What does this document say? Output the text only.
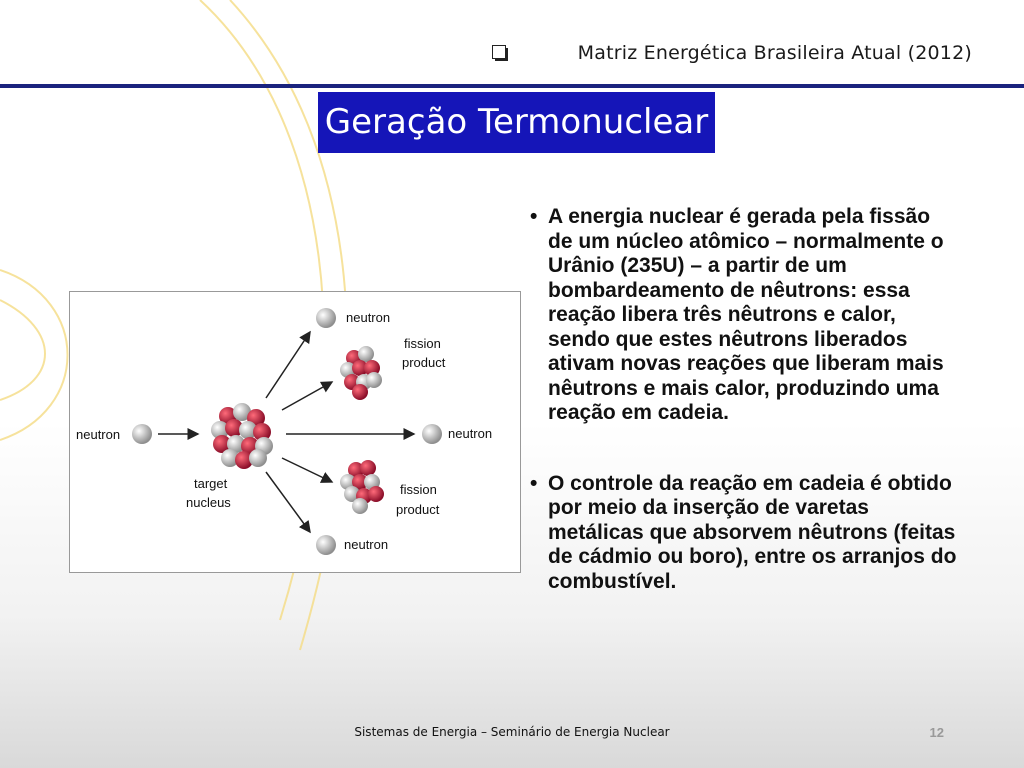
Matriz Energética Brasileira Atual (2012)
Geração Termonuclear
neutron
neutron
neutron
neutron
fission
product
fission
product
target
nucleus
• A energia nuclear é gerada pela fissão de um núcleo atômico – normalmente o Urânio (235U) – a partir de um bombardeamento de nêutrons: essa reação libera três nêutrons e calor, sendo que estes nêutrons liberados ativam novas reações que liberam mais nêutrons e mais calor, produzindo uma reação em cadeia.
• O controle da reação em cadeia é obtido por meio da inserção de varetas metálicas que absorvem nêutrons (feitas de cádmio ou boro), entre os arranjos do combustível.
Sistemas de Energia – Seminário de Energia Nuclear	12
